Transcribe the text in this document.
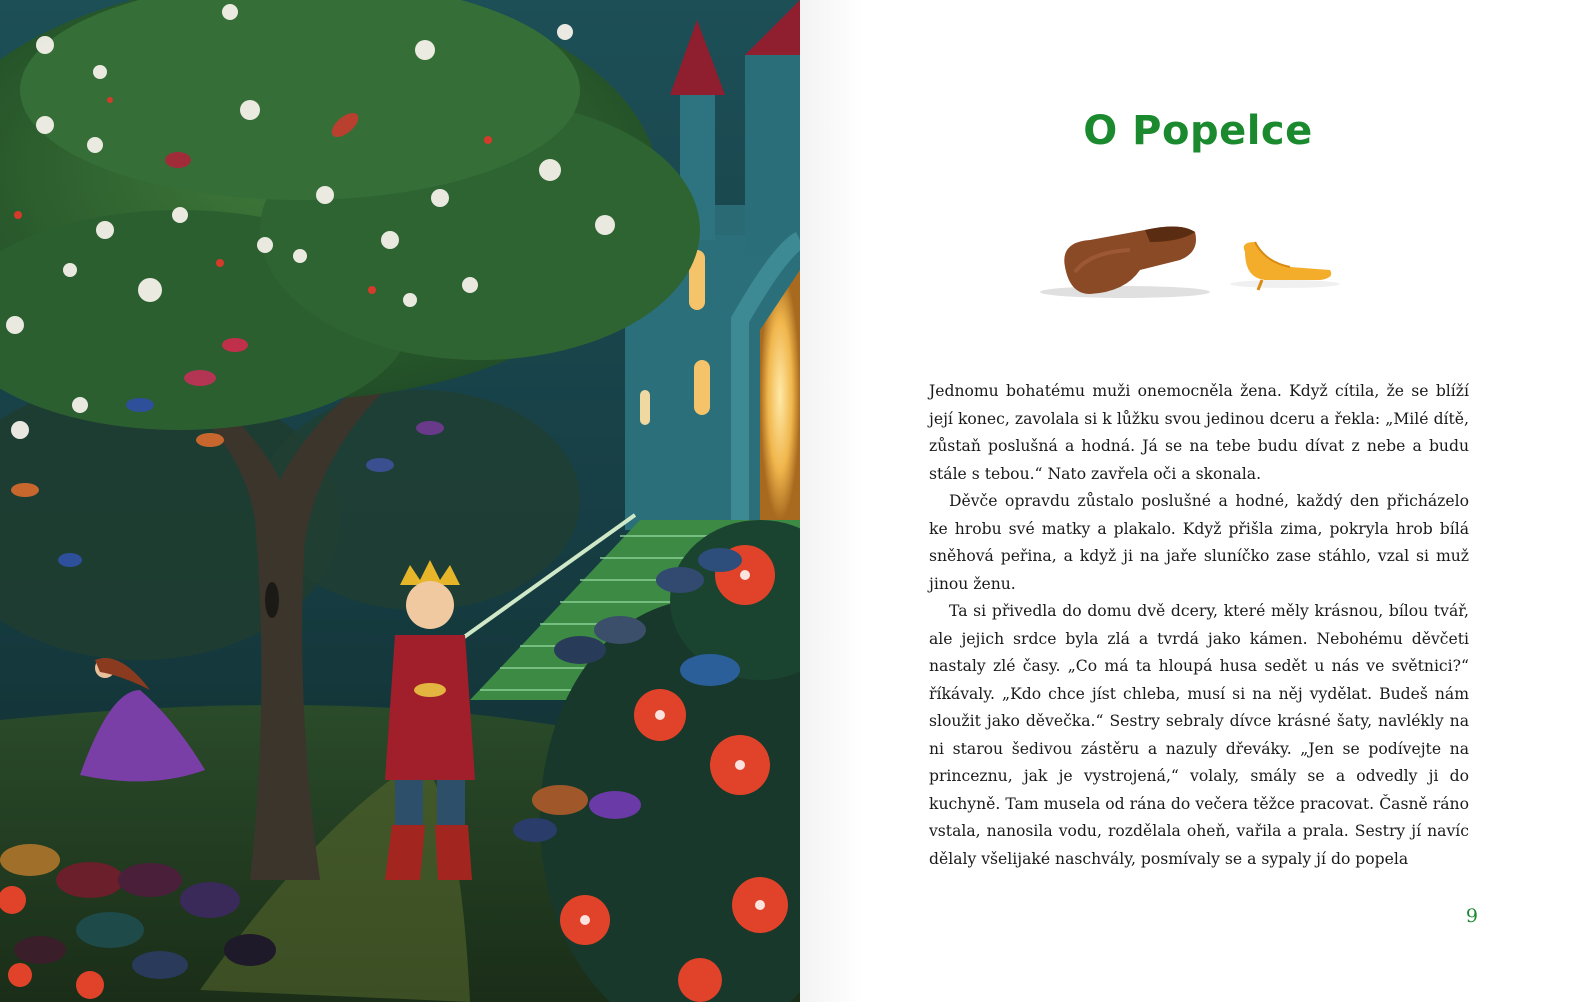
O Popelce

Jednomu bohatému muži onemocněla žena. Když cítila, že se blíží její konec, zavolala si k lůžku svou jedinou dceru a řekla: „Milé dítě, zůstaň poslušná a hodná. Já se na tebe budu dívat z nebe a budu stále s tebou.“ Nato zavřela oči a skonala.

Děvče opravdu zůstalo poslušné a hodné, každý den přicházelo ke hrobu své matky a plakalo. Když přišla zima, pokryla hrob bílá sněhová peřina, a když ji na jaře sluníčko zase stáhlo, vzal si muž jinou ženu.

Ta si přivedla do domu dvě dcery, které měly krásnou, bílou tvář, ale jejich srdce byla zlá a tvrdá jako kámen. Nebohému děvčeti nastaly zlé časy. „Co má ta hloupá husa sedět u nás ve světnici?“ říkávaly. „Kdo chce jíst chleba, musí si na něj vydělat. Budeš nám sloužit jako děvečka.“ Sestry sebraly dívce krásné šaty, navlékly na ni starou šedivou zástěru a nazuly dřeváky. „Jen se podívejte na princeznu, jak je vystrojená,“ volaly, smály se a odvedly ji do kuchyně. Tam musela od rána do večera těžce pracovat. Časně ráno vstala, nanosila vodu, rozdělala oheň, vařila a prala. Sestry jí navíc dělaly všelijaké naschvály, posmívaly se a sypaly jí do popela

9
